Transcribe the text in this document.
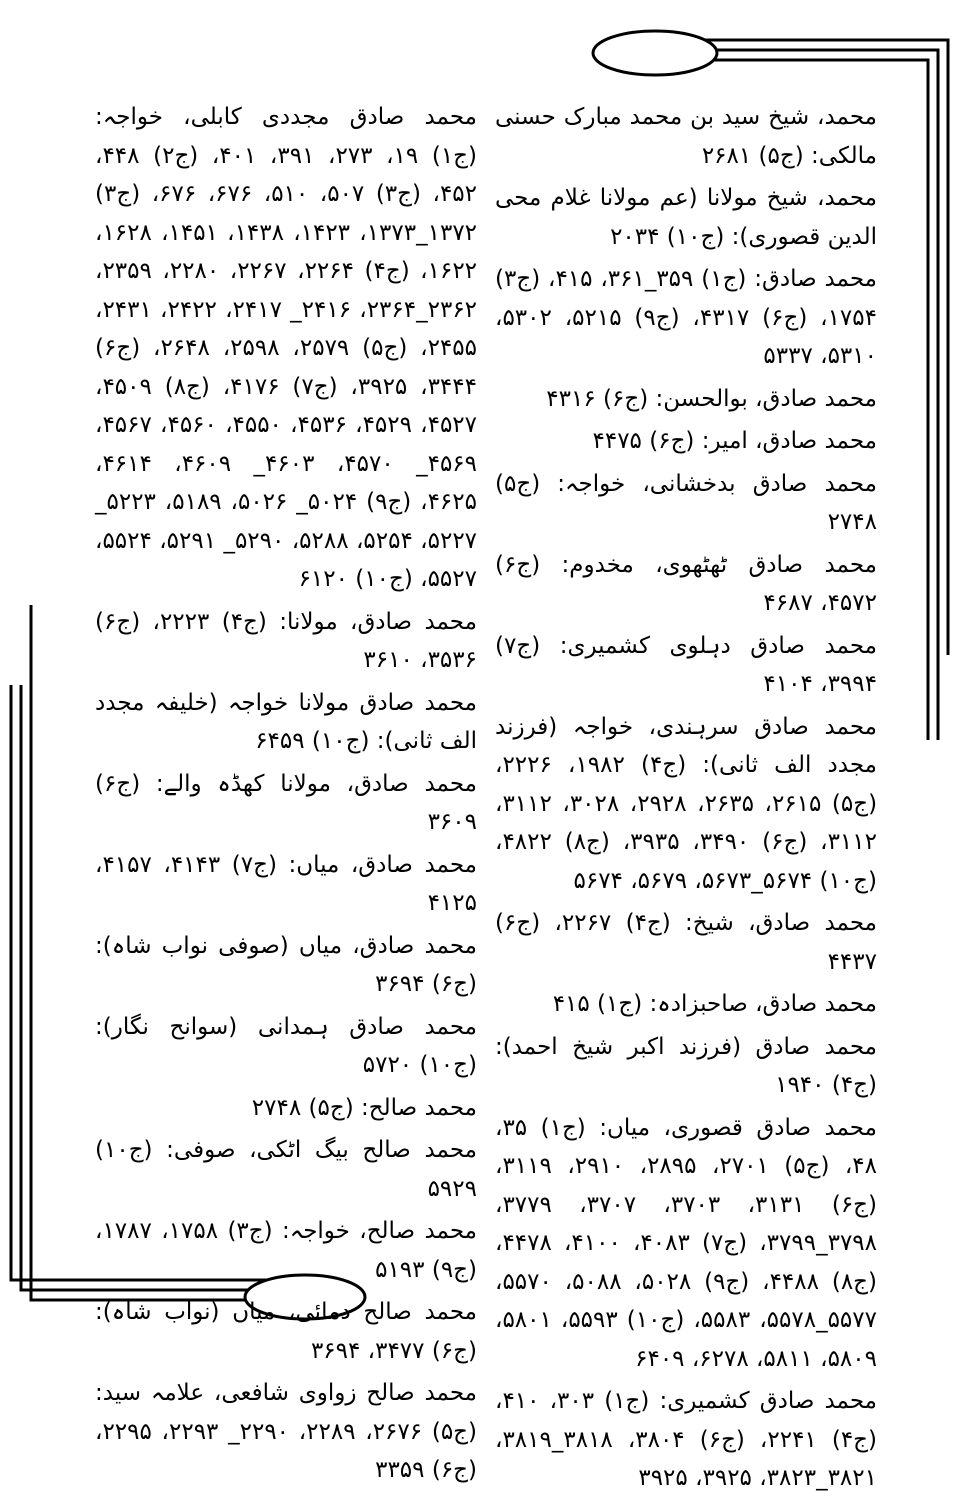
محمد، شیخ سید بن محمد مبارک حسنی مالکی: (ج۵) ۲۶۸۱

محمد، شیخ مولانا (عم مولانا غلام محی الدین قصوری): (ج۱۰) ۲۰۳۴

محمد صادق: (ج۱) ۳۵۹_۳۶۱، ۴۱۵، (ج۳) ۱۷۵۴، (ج۶) ۴۳۱۷، (ج۹) ۵۲۱۵، ۵۳۰۲، ۵۳۱۰، ۵۳۳۷

محمد صادق، بوالحسن: (ج۶) ۴۳۱۶

محمد صادق، امیر: (ج۶) ۴۴۷۵

محمد صادق بدخشانی، خواجہ: (ج۵) ۲۷۴۸

محمد صادق ٹھٹھوی، مخدوم: (ج۶) ۴۵۷۲، ۴۶۸۷

محمد صادق دہلوی کشمیری: (ج۷) ۳۹۹۴، ۴۱۰۴

محمد صادق سرہندی، خواجہ (فرزند مجدد الف ثانی): (ج۴) ۱۹۸۲، ۲۲۲۶، (ج۵) ۲۶۱۵، ۲۶۳۵، ۲۹۲۸، ۳۰۲۸، ۳۱۱۲، ۳۱۱۲، (ج۶) ۳۴۹۰، ۳۹۳۵، (ج۸) ۴۸۲۲، (ج۱۰) ۵۶۷۴_۵۶۷۳، ۵۶۷۹، ۵۶۷۴

محمد صادق، شیخ: (ج۴) ۲۲۶۷، (ج۶) ۴۴۳۷

محمد صادق، صاحبزادہ: (ج۱) ۴۱۵

محمد صادق (فرزند اکبر شیخ احمد): (ج۴) ۱۹۴۰

محمد صادق قصوری، میاں: (ج۱) ۳۵، ۴۸، (ج۵) ۲۷۰۱، ۲۸۹۵، ۲۹۱۰، ۳۱۱۹، (ج۶) ۳۱۳۱، ۳۷۰۳، ۳۷۰۷، ۳۷۷۹، ۳۷۹۸_۳۷۹۹، (ج۷) ۴۰۸۳، ۴۱۰۰، ۴۴۷۸، (ج۸) ۴۴۸۸، (ج۹) ۵۰۲۸، ۵۰۸۸، ۵۵۷۰، ۵۵۷۷_۵۵۷۸، ۵۵۸۳، (ج۱۰) ۵۵۹۳، ۵۸۰۱، ۵۸۰۹، ۵۸۱۱، ۶۲۷۸، ۶۴۰۹

محمد صادق کشمیری: (ج۱) ۳۰۳، ۴۱۰، (ج۴) ۲۲۴۱، (ج۶) ۳۸۰۴، ۳۸۱۸_۳۸۱۹، ۳۸۲۱_۳۸۲۳، ۳۹۲۵، ۳۹۲۵

محمد صادق مجددی کابلی، خواجہ: (ج۱) ۱۹، ۲۷۳، ۳۹۱، ۴۰۱، (ج۲) ۴۴۸، ۴۵۲، (ج۳) ۵۰۷، ۵۱۰، ۶۷۶، ۶۷۶، (ج۳) ۱۳۷۲_۱۳۷۳، ۱۴۲۳، ۱۴۳۸، ۱۴۵۱، ۱۶۲۸، ۱۶۲۲، (ج۴) ۲۲۶۴، ۲۲۶۷، ۲۲۸۰، ۲۳۵۹، ۲۳۶۲_۲۳۶۴، ۲۴۱۶_ ۲۴۱۷، ۲۴۲۲، ۲۴۳۱، ۲۴۵۵، (ج۵) ۲۵۷۹، ۲۵۹۸، ۲۶۴۸، (ج۶) ۳۴۴۴، ۳۹۲۵، (ج۷) ۴۱۷۶، (ج۸) ۴۵۰۹، ۴۵۲۷، ۴۵۲۹، ۴۵۳۶، ۴۵۵۰، ۴۵۶۰، ۴۵۶۷، ۴۵۶۹_ ۴۵۷۰، ۴۶۰۳_ ۴۶۰۹، ۴۶۱۴، ۴۶۲۵، (ج۹) ۵۰۲۴_ ۵۰۲۶، ۵۱۸۹، ۵۲۲۳_ ۵۲۲۷، ۵۲۵۴، ۵۲۸۸، ۵۲۹۰_ ۵۲۹۱، ۵۵۲۴، ۵۵۲۷، (ج۱۰) ۶۱۲۰

محمد صادق، مولانا: (ج۴) ۲۲۲۳، (ج۶) ۳۵۳۶، ۳۶۱۰

محمد صادق مولانا خواجہ (خلیفہ مجدد الف ثانی): (ج۱۰) ۶۴۵۹

محمد صادق، مولانا کھڈہ والے: (ج۶) ۳۶۰۹

محمد صادق، میاں: (ج۷) ۴۱۴۳، ۴۱۵۷، ۴۱۲۵

محمد صادق، میاں (صوفی نواب شاہ): (ج۶) ۳۶۹۴

محمد صادق ہمدانی (سوانح نگار): (ج۱۰) ۵۷۲۰

محمد صالح: (ج۵) ۲۷۴۸

محمد صالح بیگ اٹکی، صوفی: (ج۱۰) ۵۹۲۹

محمد صالح، خواجہ: (ج۳) ۱۷۵۸، ۱۷۸۷، (ج۹) ۵۱۹۳

محمد صالح دمائی، میاں (نواب شاہ): (ج۶) ۳۴۷۷، ۳۶۹۴

محمد صالح زواوی شافعی، علامہ سید: (ج۵) ۲۶۷۶، ۲۲۸۹، ۲۲۹۰_ ۲۲۹۳، ۲۲۹۵، (ج۶) ۳۳۵۹
